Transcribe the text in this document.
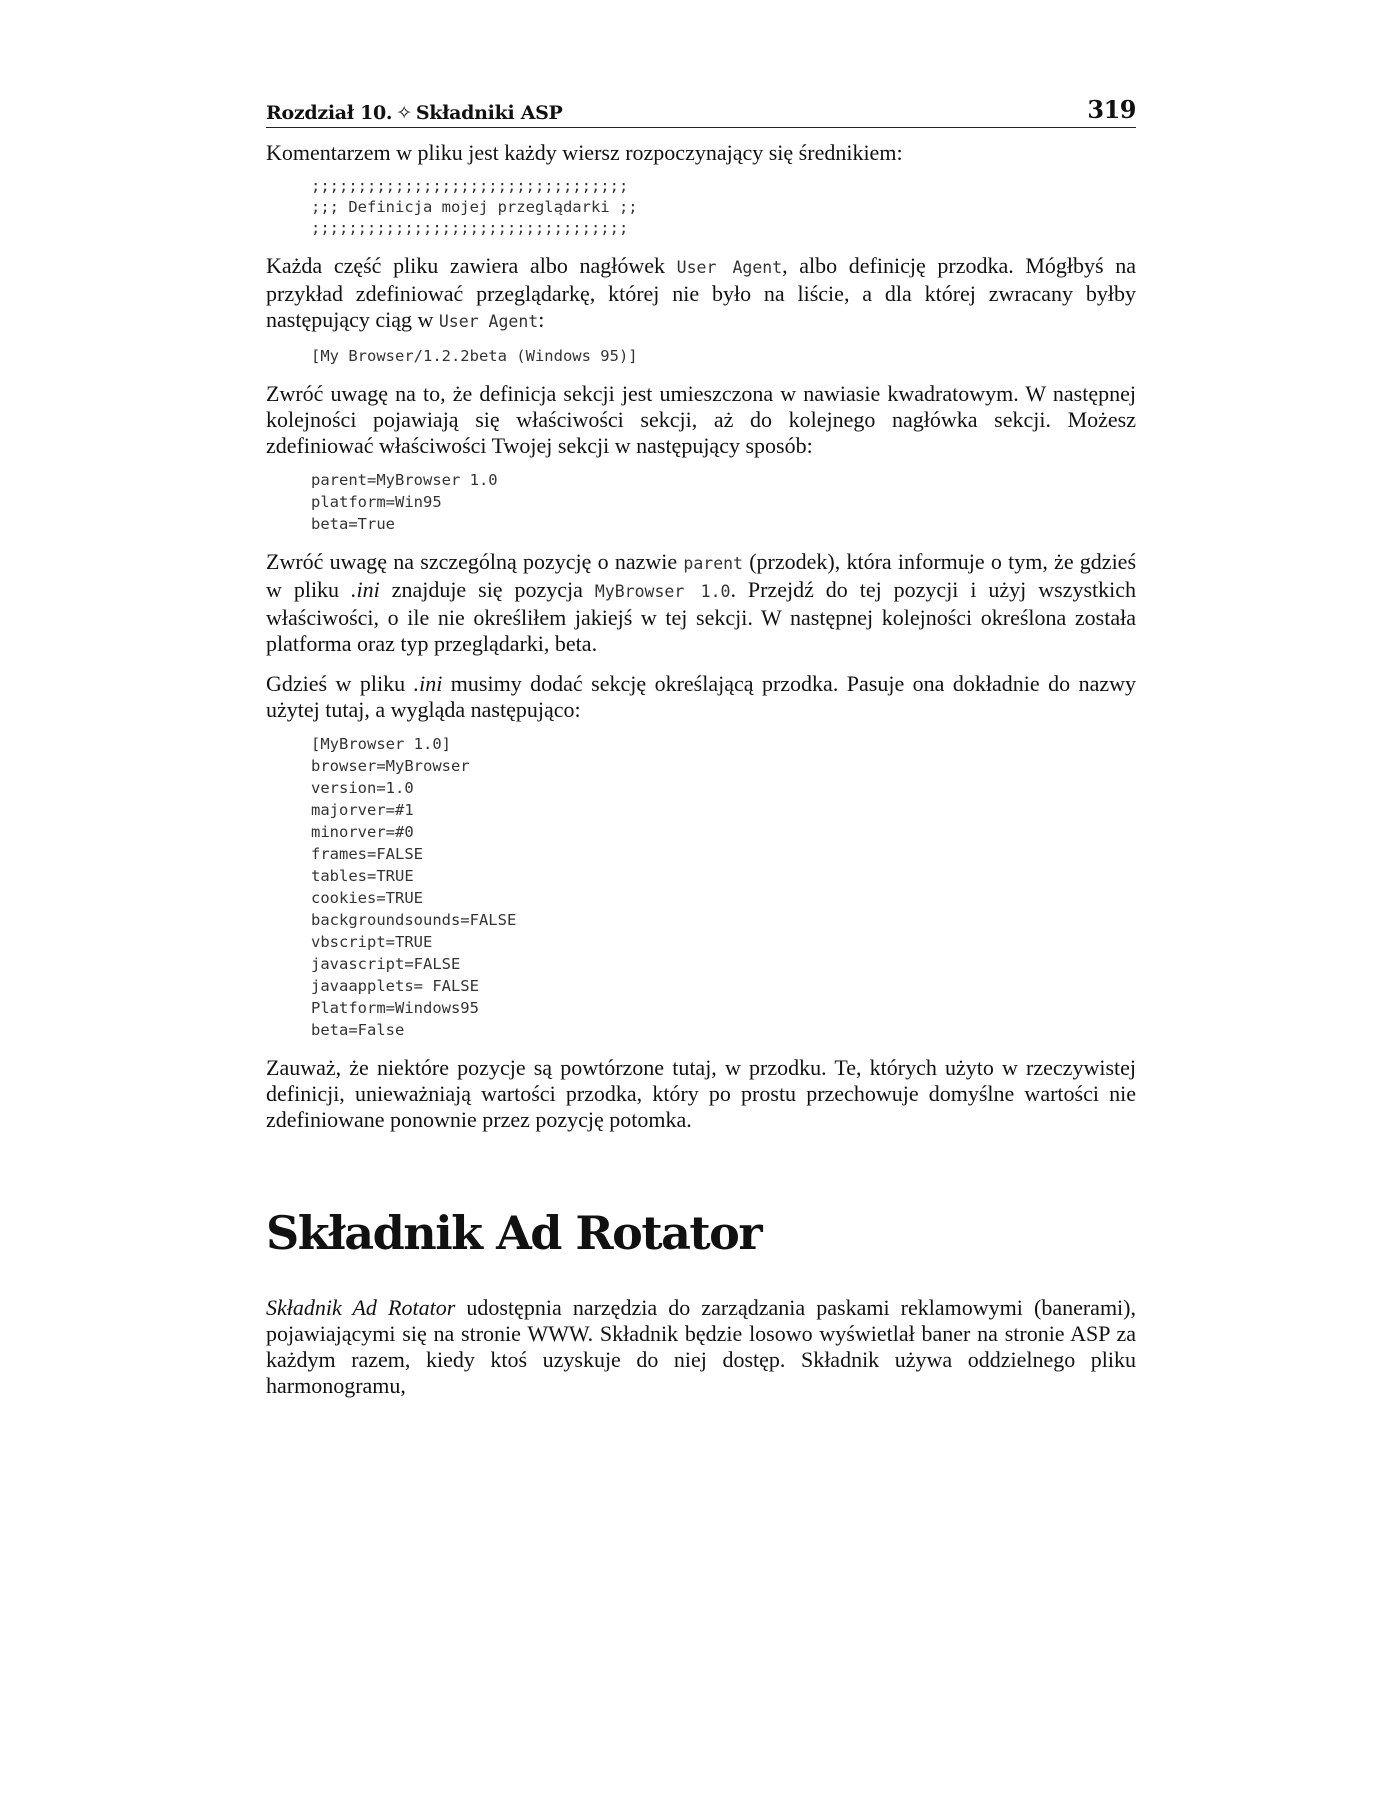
Rozdział 10. ✧ Składniki ASP	319

Komentarzem w pliku jest każdy wiersz rozpoczynający się średnikiem:

;;;;;;;;;;;;;;;;;;;;;;;;;;;;;;;;;;
;;; Definicja mojej przeglądarki ;;
;;;;;;;;;;;;;;;;;;;;;;;;;;;;;;;;;;

Każda część pliku zawiera albo nagłówek User Agent, albo definicję przodka. Mógłbyś na przykład zdefiniować przeglądarkę, której nie było na liście, a dla której zwracany byłby następujący ciąg w User Agent:

[My Browser/1.2.2beta (Windows 95)]

Zwróć uwagę na to, że definicja sekcji jest umieszczona w nawiasie kwadratowym. W następnej kolejności pojawiają się właściwości sekcji, aż do kolejnego nagłówka sekcji. Możesz zdefiniować właściwości Twojej sekcji w następujący sposób:

parent=MyBrowser 1.0
platform=Win95
beta=True

Zwróć uwagę na szczególną pozycję o nazwie parent (przodek), która informuje o tym, że gdzieś w pliku .ini znajduje się pozycja MyBrowser 1.0. Przejdź do tej pozycji i użyj wszystkich właściwości, o ile nie określiłem jakiejś w tej sekcji. W następnej kolejności określona została platforma oraz typ przeglądarki, beta.

Gdzieś w pliku .ini musimy dodać sekcję określającą przodka. Pasuje ona dokładnie do nazwy użytej tutaj, a wygląda następująco:

[MyBrowser 1.0]
browser=MyBrowser
version=1.0
majorver=#1
minorver=#0
frames=FALSE
tables=TRUE
cookies=TRUE
backgroundsounds=FALSE
vbscript=TRUE
javascript=FALSE
javaapplets= FALSE
Platform=Windows95
beta=False

Zauważ, że niektóre pozycje są powtórzone tutaj, w przodku. Te, których użyto w rzeczywistej definicji, unieważniają wartości przodka, który po prostu przechowuje domyślne wartości nie zdefiniowane ponownie przez pozycję potomka.

Składnik Ad Rotator

Składnik Ad Rotator udostępnia narzędzia do zarządzania paskami reklamowymi (banerami), pojawiającymi się na stronie WWW. Składnik będzie losowo wyświetlał baner na stronie ASP za każdym razem, kiedy ktoś uzyskuje do niej dostęp. Składnik używa oddzielnego pliku harmonogramu,
